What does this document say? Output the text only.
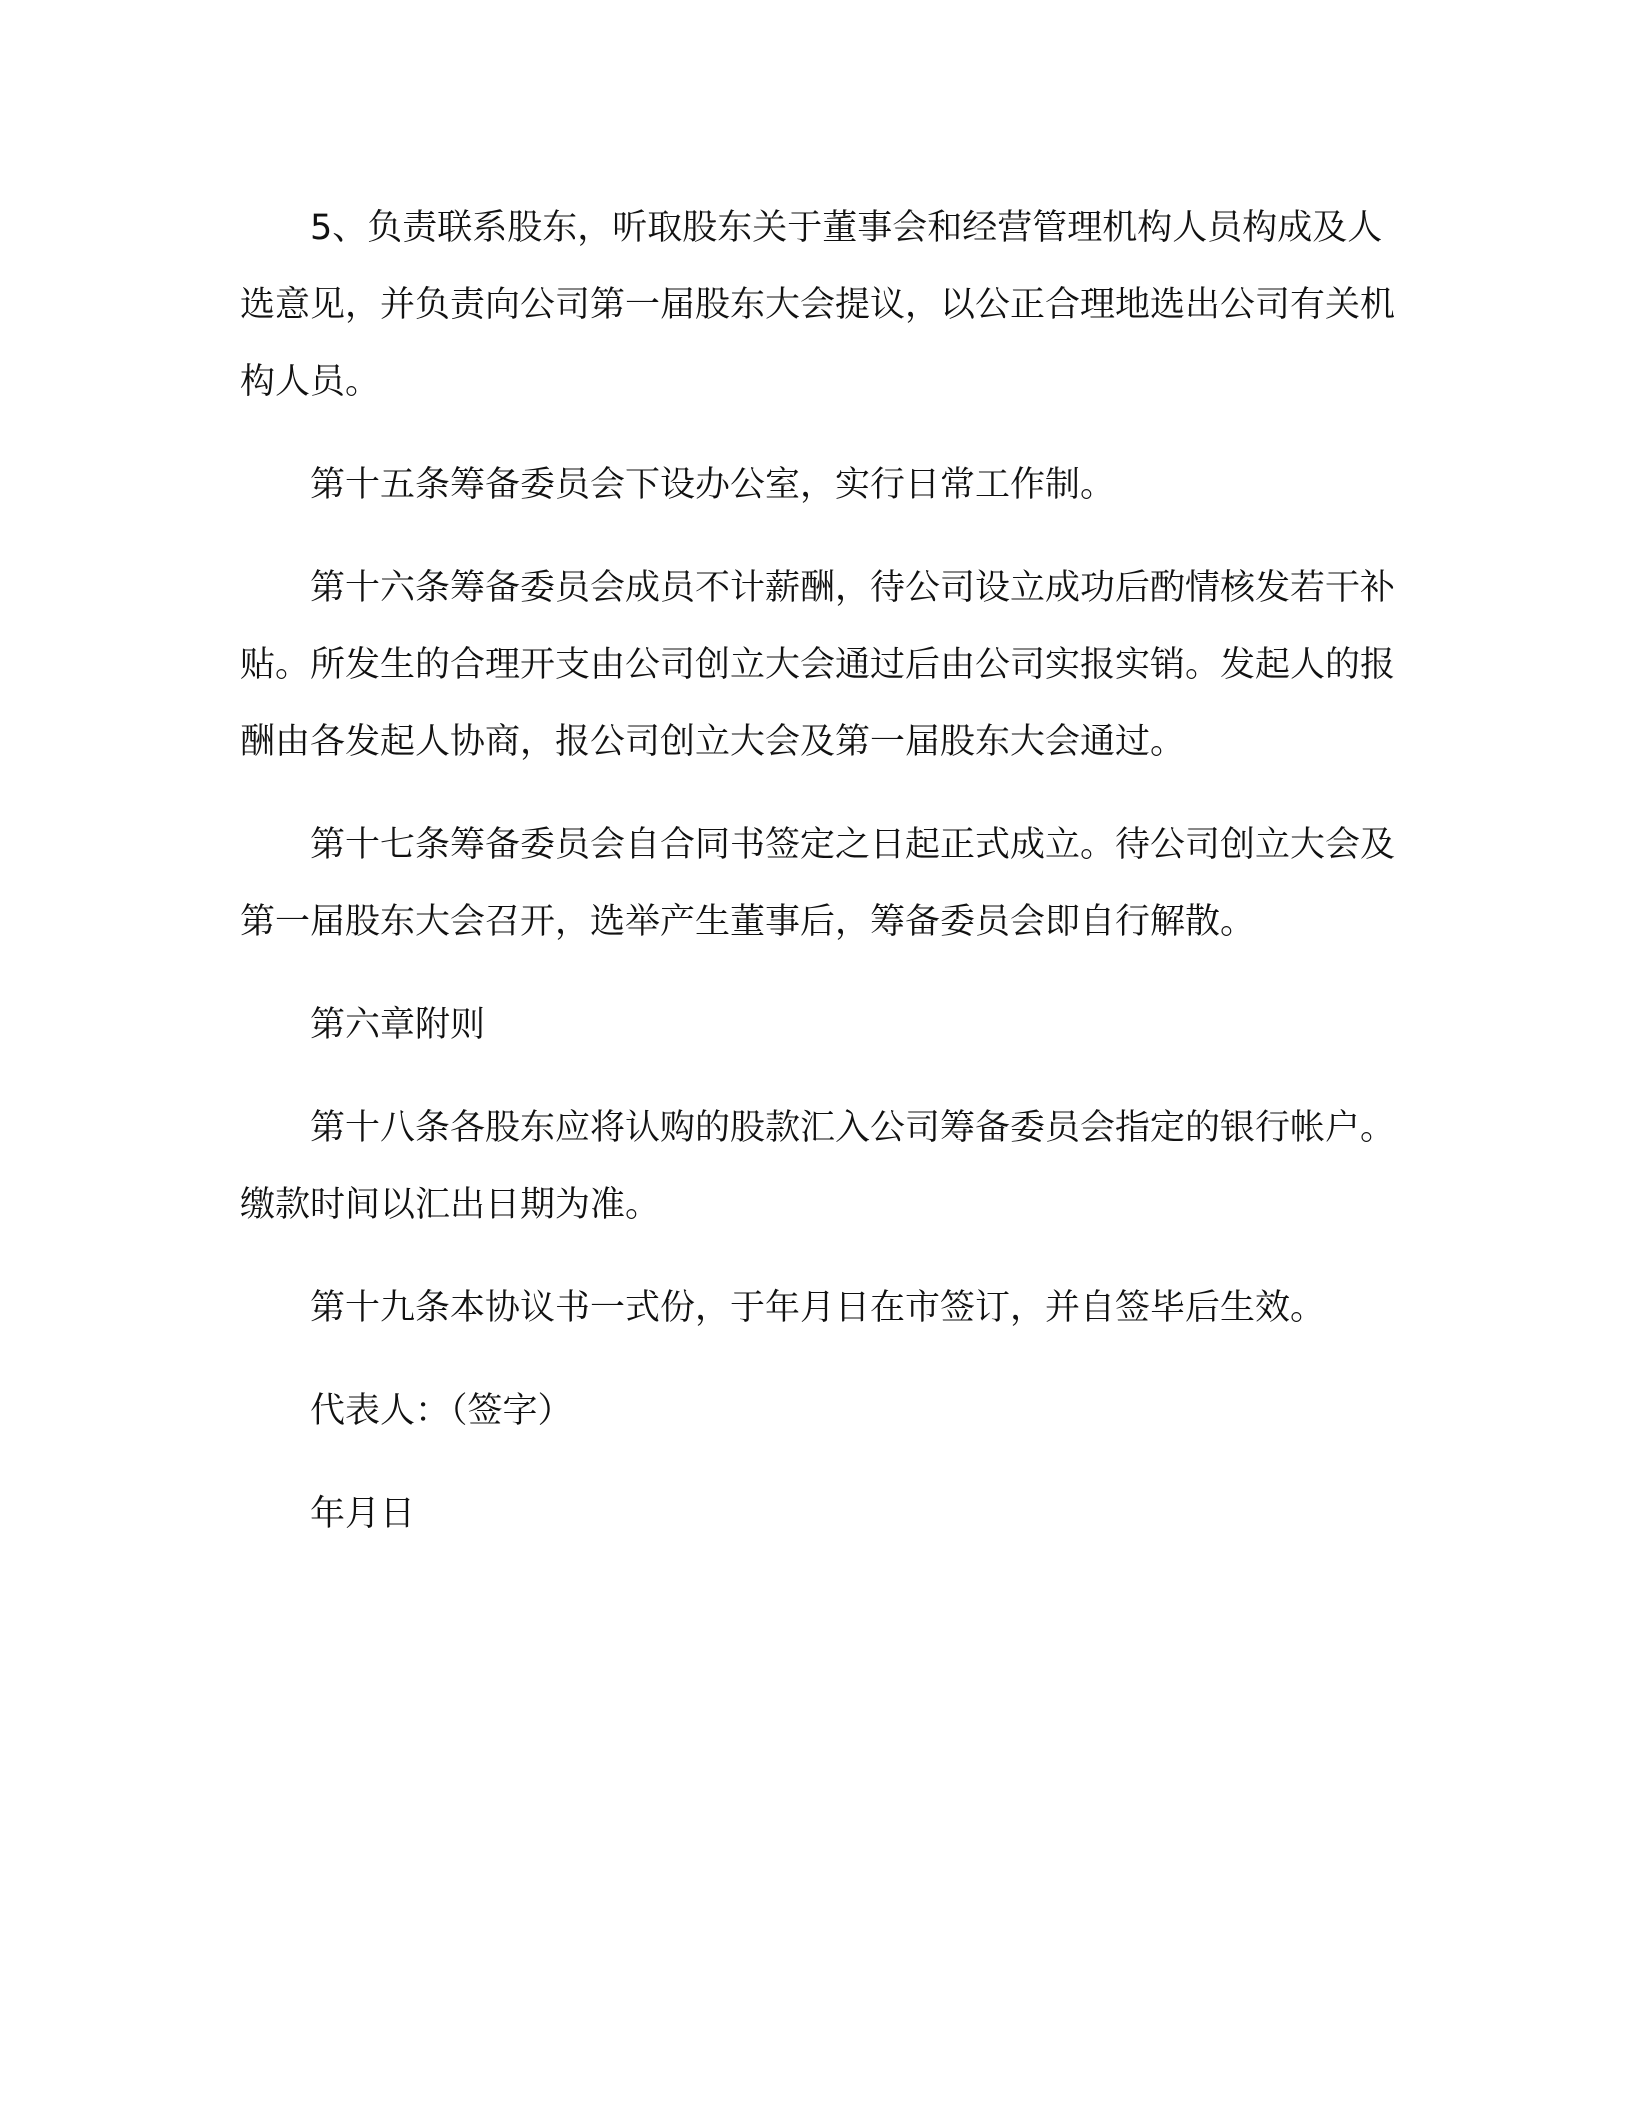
5、负责联系股东，听取股东关于董事会和经营管理机构人员构成及人选意见，并负责向公司第一届股东大会提议，以公正合理地选出公司有关机构人员。

第十五条筹备委员会下设办公室，实行日常工作制。

第十六条筹备委员会成员不计薪酬，待公司设立成功后酌情核发若干补贴。所发生的合理开支由公司创立大会通过后由公司实报实销。发起人的报酬由各发起人协商，报公司创立大会及第一届股东大会通过。

第十七条筹备委员会自合同书签定之日起正式成立。待公司创立大会及第一届股东大会召开，选举产生董事后，筹备委员会即自行解散。

第六章附则

第十八条各股东应将认购的股款汇入公司筹备委员会指定的银行帐户。缴款时间以汇出日期为准。

第十九条本协议书一式份，于年月日在市签订，并自签毕后生效。

代表人：（签字）

年月日
